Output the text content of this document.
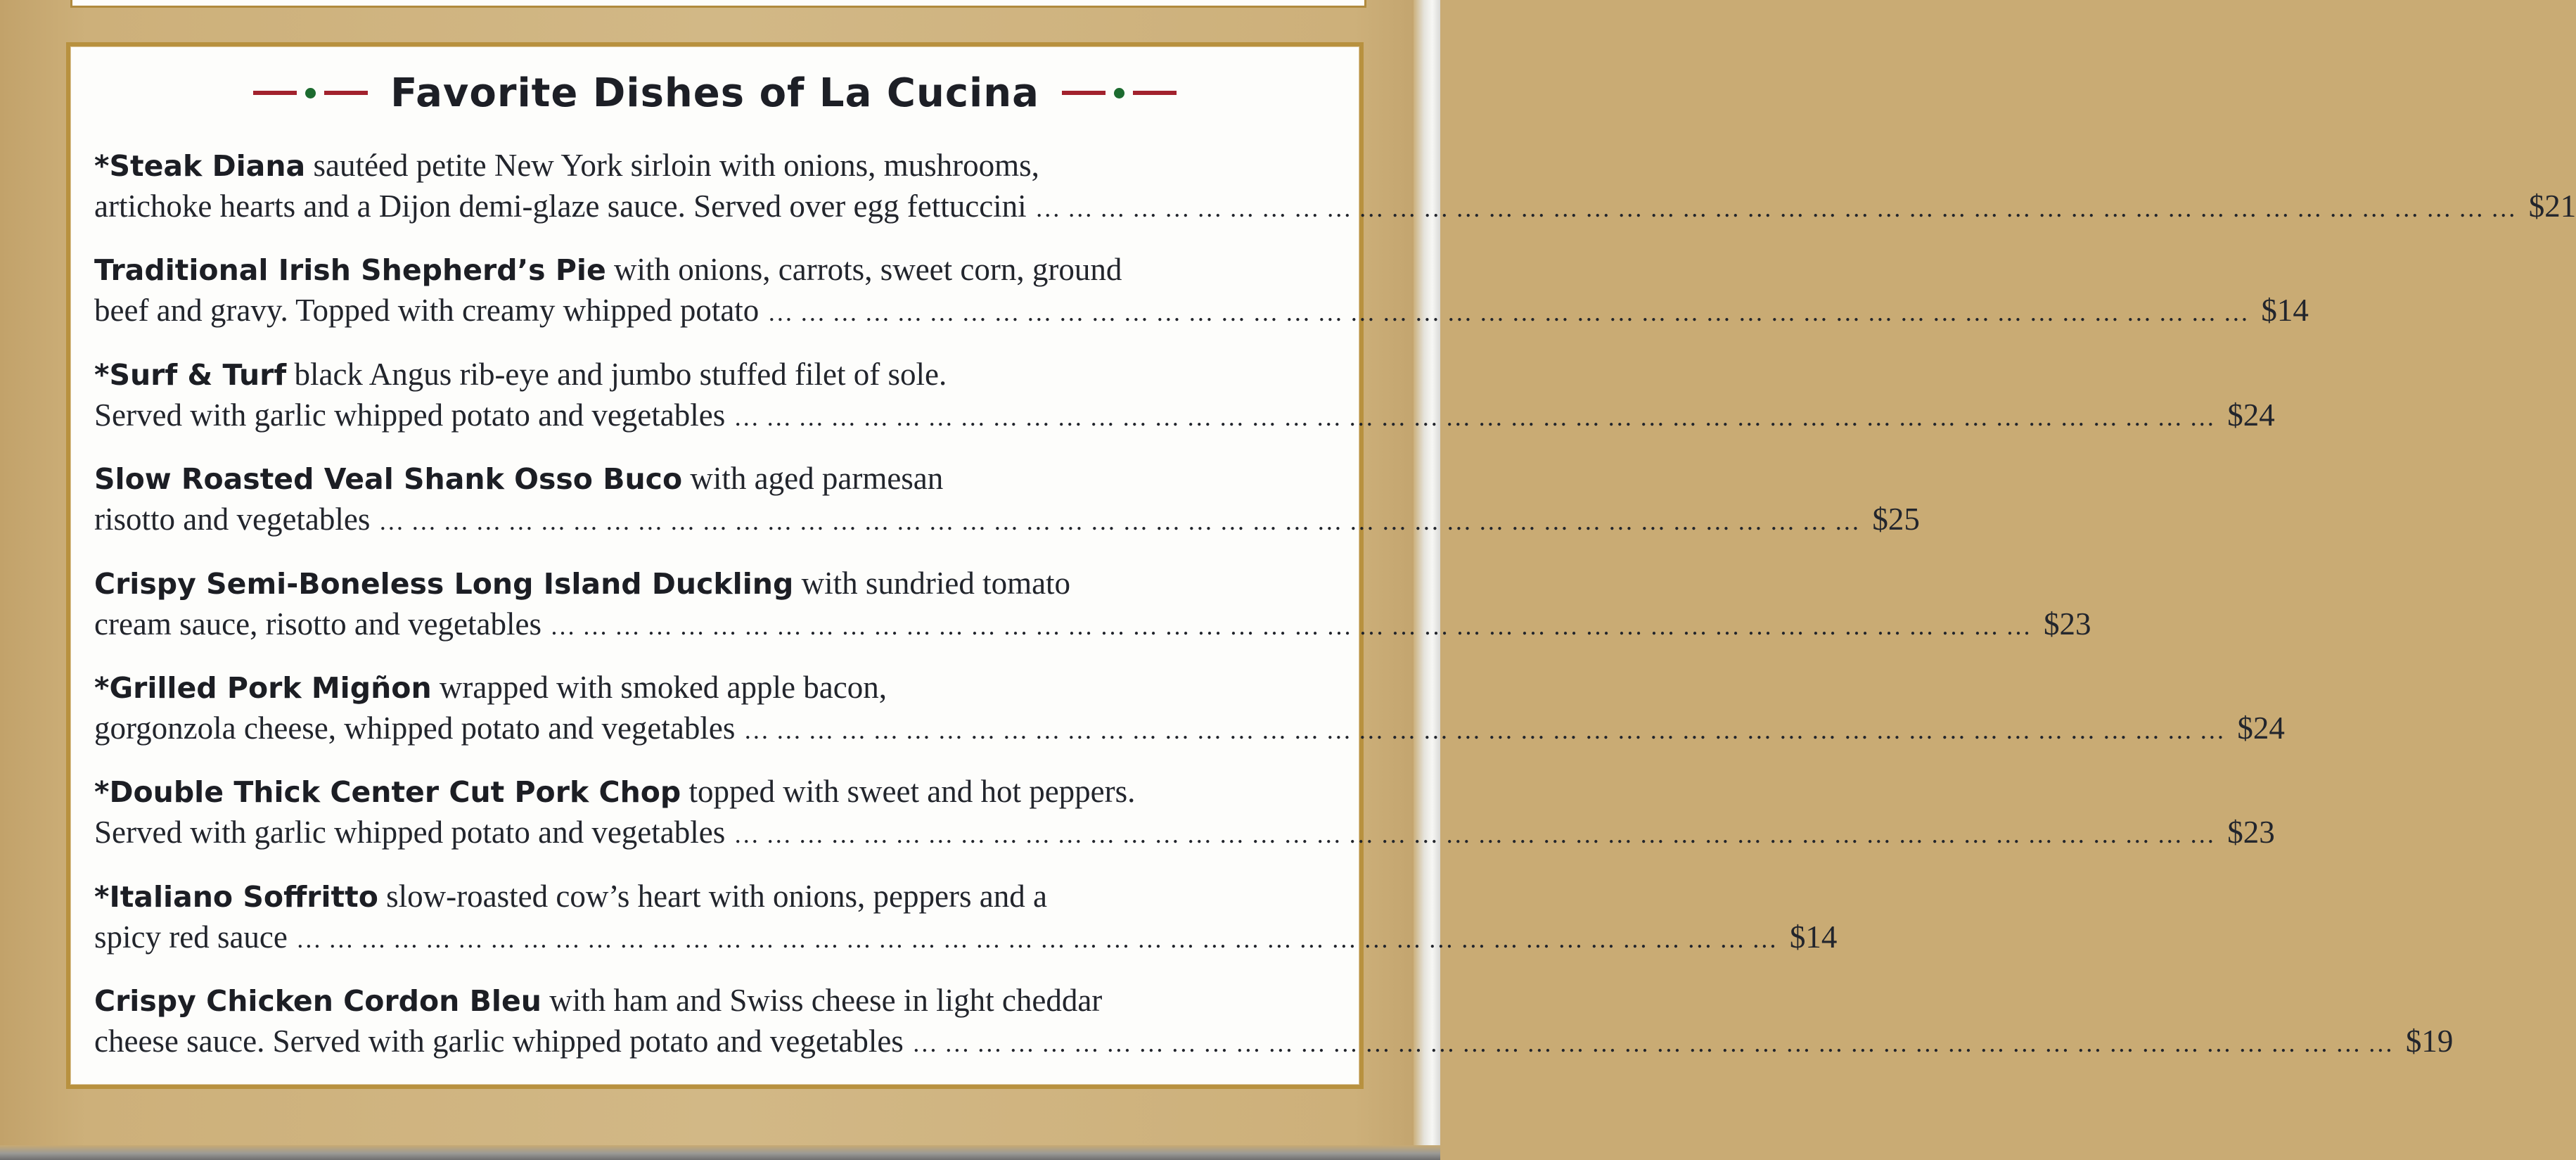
Favorite Dishes of La Cucina
*Steak Diana sautéed petite New York sirloin with onions, mushrooms,
artichoke hearts and a Dijon demi-glaze sauce. Served over egg fettuccini ………………………………………………………………………………………………………………………… $21
Traditional Irish Shepherd’s Pie with onions, carrots, sweet corn, ground
beef and gravy. Topped with creamy whipped potato ………………………………………………………………………………………………………………………… $14
*Surf & Turf black Angus rib-eye and jumbo stuffed filet of sole.
Served with garlic whipped potato and vegetables ………………………………………………………………………………………………………………………… $24
Slow Roasted Veal Shank Osso Buco with aged parmesan
risotto and vegetables ………………………………………………………………………………………………………………………… $25
Crispy Semi-Boneless Long Island Duckling with sundried tomato
cream sauce, risotto and vegetables ………………………………………………………………………………………………………………………… $23
*Grilled Pork Migñon wrapped with smoked apple bacon,
gorgonzola cheese, whipped potato and vegetables ………………………………………………………………………………………………………………………… $24
*Double Thick Center Cut Pork Chop topped with sweet and hot peppers.
Served with garlic whipped potato and vegetables ………………………………………………………………………………………………………………………… $23
*Italiano Soffritto slow-roasted cow’s heart with onions, peppers and a
spicy red sauce ………………………………………………………………………………………………………………………… $14
Crispy Chicken Cordon Bleu with ham and Swiss cheese in light cheddar
cheese sauce. Served with garlic whipped potato and vegetables ………………………………………………………………………………………………………………………… $19
